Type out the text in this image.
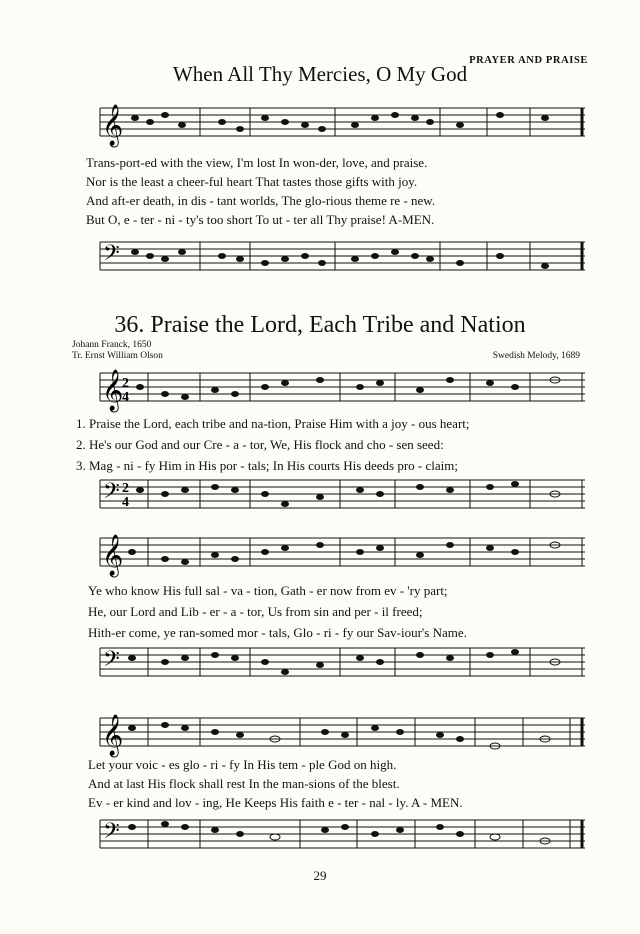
PRAYER AND PRAISE
When All Thy Mercies, O My God
𝄞
Trans-port-ed with the view, I'm lost In won-der, love, and praise.
Nor is the least a cheer-ful heart That tastes those gifts with joy.
And aft-er death, in dis - tant worlds, The glo-rious theme re - new.
But O, e - ter - ni - ty's too short To ut - ter all Thy praise! A-MEN.
𝄢
36. Praise the Lord, Each Tribe and Nation
Johann Franck, 1650
Tr. Ernst William Olson	Swedish Melody, 1689
𝄞
2
4
1. Praise the Lord, each tribe and na-tion, Praise Him with a joy - ous heart;
2. He's our God and our Cre - a - tor, We, His flock and cho - sen seed:
3. Mag - ni - fy Him in His por - tals; In His courts His deeds pro - claim;
𝄢 2
4
𝄞
Ye who know His full sal - va - tion, Gath - er now from ev - 'ry part;
He, our Lord and Lib - er - a - tor, Us from sin and per - il freed;
Hith-er come, ye ran-somed mor - tals, Glo - ri - fy our Sav-iour's Name.
𝄢
𝄞
Let your voic - es glo - ri - fy In His tem - ple God on high.
And at last His flock shall rest In the man-sions of the blest.
Ev - er kind and lov - ing, He Keeps His faith e - ter - nal - ly. A - MEN.
𝄢
29
